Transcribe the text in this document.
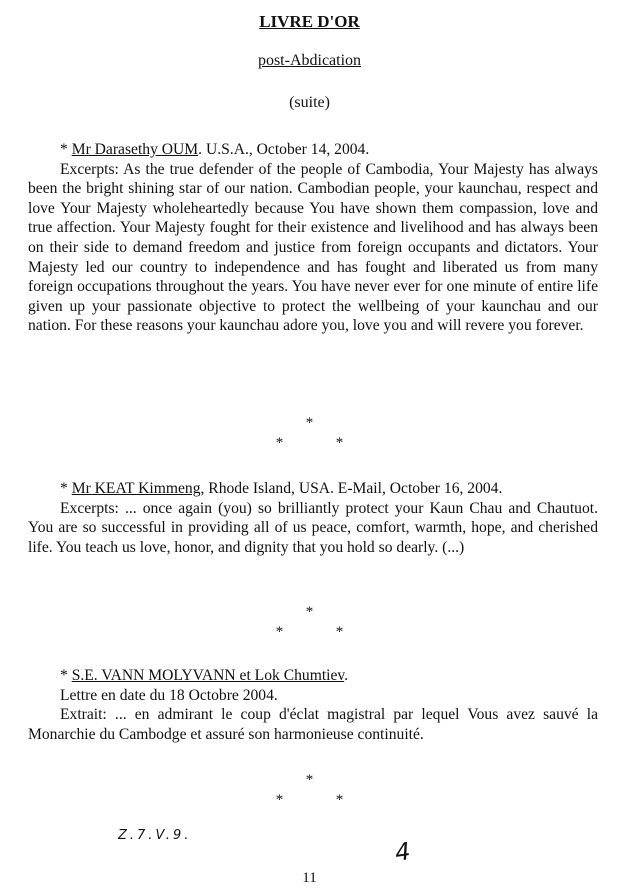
LIVRE D'OR
post-Abdication
(suite)

* Mr Darasethy OUM. U.S.A., October 14, 2004.

Excerpts: As the true defender of the people of Cambodia, Your Majesty has always been the bright shining star of our nation. Cambodian people, your kaunchau, respect and love Your Majesty wholeheartedly because You have shown them compassion, love and true affection. Your Majesty fought for their existence and livelihood and has always been on their side to demand freedom and justice from foreign occupants and dictators. Your Majesty led our country to independence and has fought and liberated us from many foreign occupations throughout the years. You have never ever for one minute of entire life given up your passionate objective to protect the wellbeing of your kaunchau and our nation. For these reasons your kaunchau adore you, love you and will revere you forever.

*
*	*

* Mr KEAT Kimmeng, Rhode Island, USA. E-Mail, October 16, 2004.

Excerpts: ... once again (you) so brilliantly protect your Kaun Chau and Chautuot. You are so successful in providing all of us peace, comfort, warmth, hope, and cherished life. You teach us love, honor, and dignity that you hold so dearly. (...)

*
*	*

* S.E. VANN MOLYVANN et Lok Chumtiev.

Lettre en date du 18 Octobre 2004.

Extrait: ... en admirant le coup d'éclat magistral par lequel Vous avez sauvé la Monarchie du Cambodge et assuré son harmonieuse continuité.

*
*	*
Z.7.V.9.
4
11
